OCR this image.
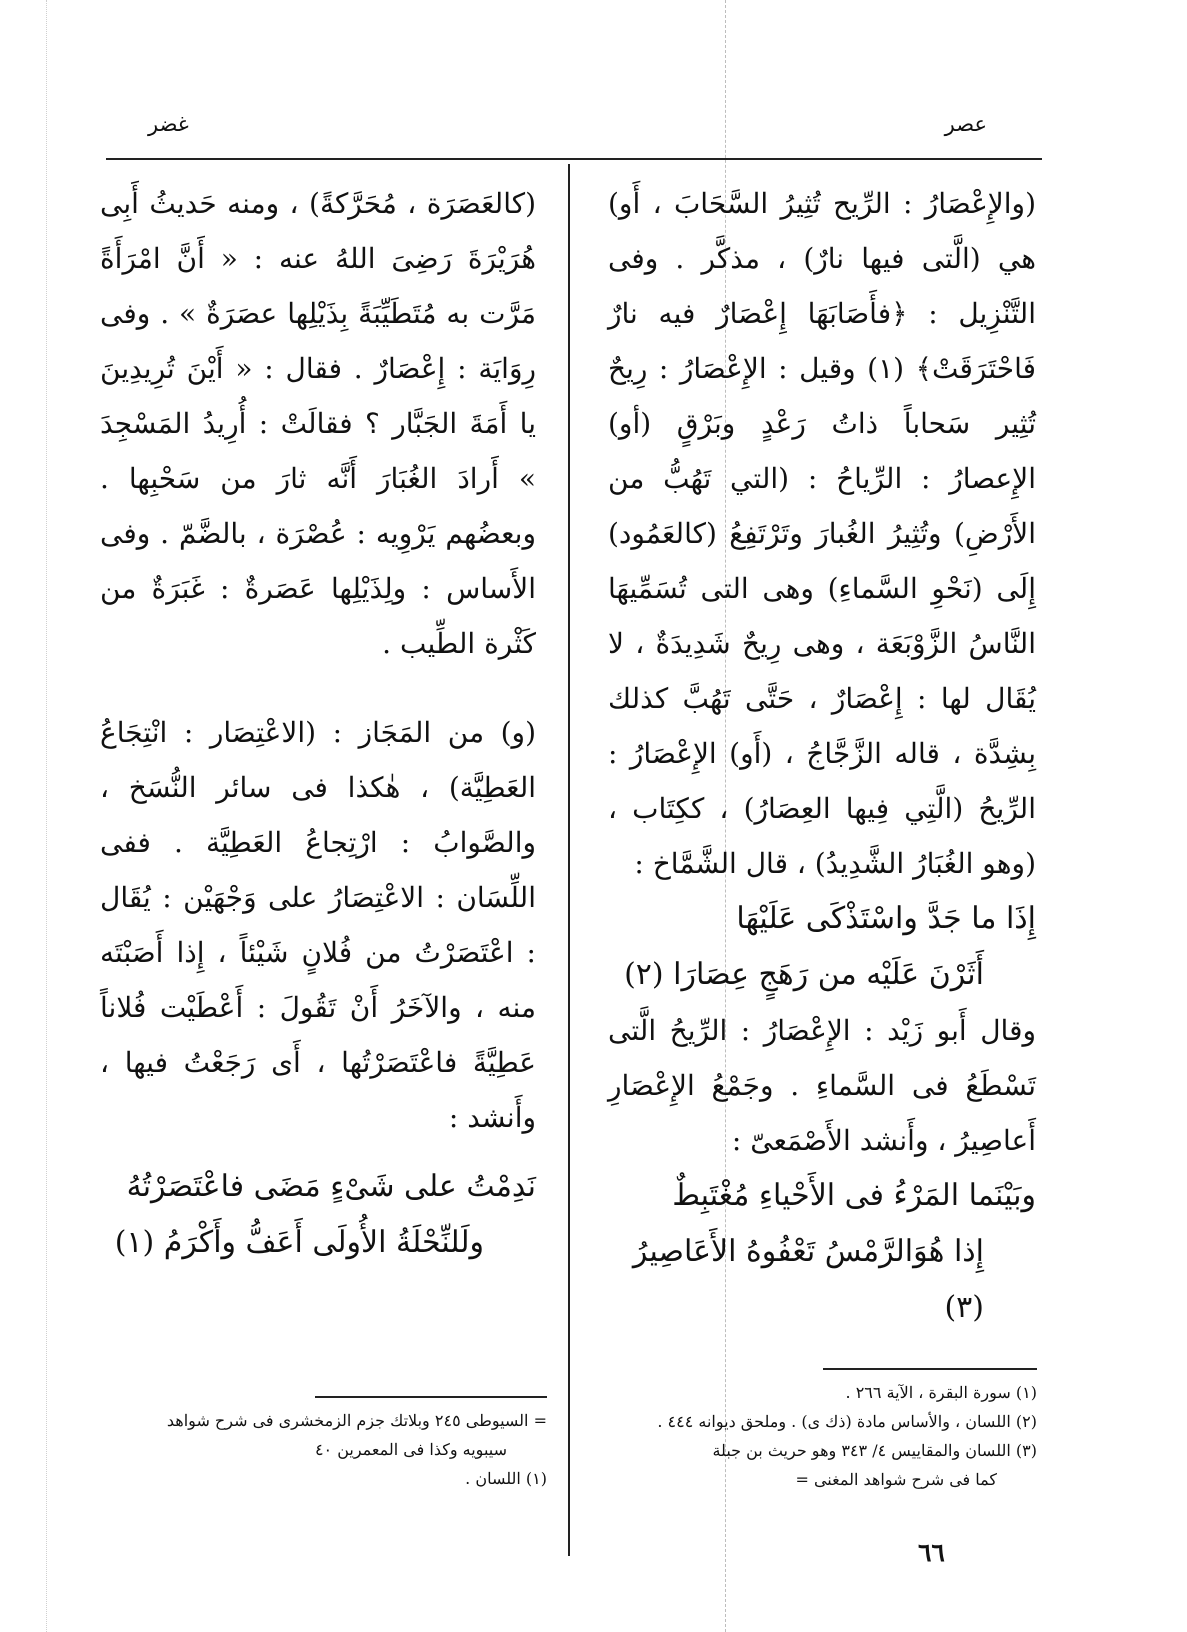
عصر
غضر

(والإِعْصَارُ : الرِّيح تُثِيرُ السَّحَابَ ، أَو) هي (الَّتى فيها نارٌ) ، مذكَّر . وفى التَّنْزِيل : ﴿فأَصَابَهَا إِعْصَارٌ فيه نارٌ فَاحْتَرَقَتْ﴾ (١) وقيل : الإِعْصَارُ : رِيحٌ تُثِير سَحاباً ذاتُ رَعْدٍ وبَرْقٍ (أو) الإِعصارُ : الرِّياحُ : (التي تَهُبُّ من الأَرْضِ) وتُثِيرُ الغُبارَ وتَرْتَفِعُ (كالعَمُود) إِلَى (نَحْوِ السَّماءِ) وهى التى تُسَمِّيهَا النَّاسُ الزَّوْبَعَة ، وهى رِيحٌ شَدِيدَةٌ ، لا يُقَال لها : إِعْصَارٌ ، حَتَّى تَهُبَّ كذلك بِشِدَّة ، قاله الزَّجَّاجُ ، (أَو) الإِعْصَارُ : الرِّيحُ (الَّتِي فِيها العِصَارُ) ، ككِتَاب ، (وهو الغُبَارُ الشَّدِيدُ) ، قال الشَّمَّاخ :

إِذَا ما جَدَّ واسْتَذْكَى عَلَيْهَا

أَثَرْنَ عَلَيْه من رَهَجٍ عِصَارَا (٢)

وقال أَبو زَيْد : الإِعْصَارُ : الرِّيحُ الَّتى تَسْطَعُ فى السَّماءِ . وجَمْعُ الإِعْصَارِ أَعاصِيرُ ، وأَنشد الأَصْمَعىّ :

وبَيْنَما المَرْءُ فى الأَحْياءِ مُغْتَبِطٌ

إِذا هُوَالرَّمْسُ تَعْفُوهُ الأَعَاصِيرُ (٣)

(كالعَصَرَة ، مُحَرَّكةً) ، ومنه حَديثُ أَبِى هُرَيْرَةَ رَضِىَ اللهُ عنه : « أَنَّ امْرَأَةً مَرَّت به مُتَطَيِّبَةً بِذَيْلِها عصَرَةٌ » . وفى رِوَايَة : إِعْصَارٌ . فقال : « أَيْنَ تُرِيدِينَ يا أَمَةَ الجَبَّار ؟ فقالَتْ : أُرِيدُ المَسْجِدَ » أَرادَ الغُبَارَ أَنَّه ثارَ من سَحْبِها . وبعضُهم يَرْوِيه : عُصْرَة ، بالضَّمّ . وفى الأَساس : ولِذَيْلِها عَصَرةٌ : غَبَرَةٌ من كَثْرة الطِّيب .

(و) من المَجَاز : (الاعْتِصَار : انْتِجَاعُ العَطِيَّة) ، هٰكذا فى سائر النُّسَخ ، والصَّوابُ : ارْتِجاعُ العَطِيَّة . ففى اللِّسَان : الاعْتِصَارُ على وَجْهَيْن : يُقَال : اعْتَصَرْتُ من فُلانٍ شَيْئاً ، إِذا أَصَبْتَه منه ، والآخَرُ أَنْ تَقُولَ : أَعْطَيْت فُلاناً عَطِيَّةً فاعْتَصَرْتُها ، أَى رَجَعْتُ فيها ، وأَنشد :

نَدِمْتُ على شَىْءٍ مَضَى فاعْتَصَرْتُهُ

ولَلنِّحْلَةُ الأُولَى أَعَفُّ وأَكْرَمُ (١)

(١) سورة البقرة ، الآية ٢٦٦ .

(٢) اللسان ، والأساس مادة (ذك ى) . وملحق ديوانه ٤٤٤ .

(٣) اللسان والمقاييس ٤/ ٣٤٣ وهو حريث بن جبلة

كما فى شرح شواهد المغنى =

= السيوطى ٢٤٥ وبلاتك جزم الزمخشرى فى شرح شواهد

سيبويه وكذا فى المعمرين ٤٠

(١) اللسان .

٦٦
